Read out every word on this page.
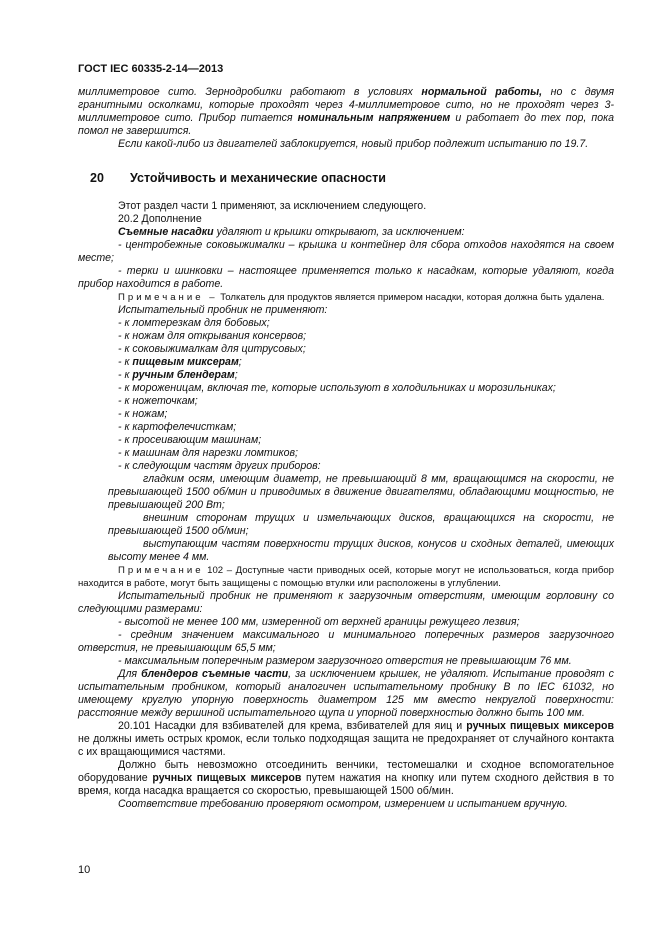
ГОСТ IEC 60335-2-14—2013

миллиметровое сито. Зернодробилки работают в условиях нормальной работы, но с двумя гранитными осколками, которые проходят через 4-миллиметровое сито, но не проходят через 3-миллиметровое сито. Прибор питается номинальным напряжением и работает до тех пор, пока помол не завершится.

Если какой-либо из двигателей заблокируется, новый прибор подлежит испытанию по 19.7.

20 Устойчивость и механические опасности

Этот раздел части 1 применяют, за исключением следующего.

20.2 Дополнение

Съемные насадки удаляют и крышки открывают, за исключением:

- центробежные соковыжималки – крышка и контейнер для сбора отходов находятся на своем месте;

- терки и шинковки – настоящее применяется только к насадкам, которые удаляют, когда прибор находится в работе.

Примечание – Толкатель для продуктов является примером насадки, которая должна быть удалена.

Испытательный пробник не применяют:

- к ломтерезкам для бобовых;

- к ножам для открывания консервов;

- к соковыжималкам для цитрусовых;

- к пищевым миксерам;

- к ручным блендерам;

- к мороженицам, включая те, которые используют в холодильниках и морозильниках;

- к ножеточкам;

- к ножам;

- к картофелечисткам;

- к просеивающим машинам;

- к машинам для нарезки ломтиков;

- к следующим частям других приборов:

гладким осям, имеющим диаметр, не превышающий 8 мм, вращающимся на скорости, не превышающей 1500 об/мин и приводимых в движение двигателями, обладающими мощностью, не превышающей 200 Вт;

внешним сторонам трущих и измельчающих дисков, вращающихся на скорости, не превышающей 1500 об/мин;

выступающим частям поверхности трущих дисков, конусов и сходных деталей, имеющих высоту менее 4 мм.

Примечание 102 – Доступные части приводных осей, которые могут не использоваться, когда прибор находится в работе, могут быть защищены с помощью втулки или расположены в углублении.

Испытательный пробник не применяют к загрузочным отверстиям, имеющим горловину со следующими размерами:

- высотой не менее 100 мм, измеренной от верхней границы режущего лезвия;

- средним значением максимального и минимального поперечных размеров загрузочного отверстия, не превышающим 65,5 мм;

- максимальным поперечным размером загрузочного отверстия не превышающим 76 мм.

Для блендеров съемные части, за исключением крышек, не удаляют. Испытание проводят с испытательным пробником, который аналогичен испытательному пробнику B по IEC 61032, но имеющему круглую упорную поверхность диаметром 125 мм вместо некруглой поверхности: расстояние между вершиной испытательного щупа и упорной поверхностью должно быть 100 мм.

20.101 Насадки для взбивателей для крема, взбивателей для яиц и ручных пищевых миксеров не должны иметь острых кромок, если только подходящая защита не предохраняет от случайного контакта с их вращающимися частями.

Должно быть невозможно отсоединить венчики, тестомешалки и сходное вспомогательное оборудование ручных пищевых миксеров путем нажатия на кнопку или путем сходного действия в то время, когда насадка вращается со скоростью, превышающей 1500 об/мин.

Соответствие требованию проверяют осмотром, измерением и испытанием вручную.

10
